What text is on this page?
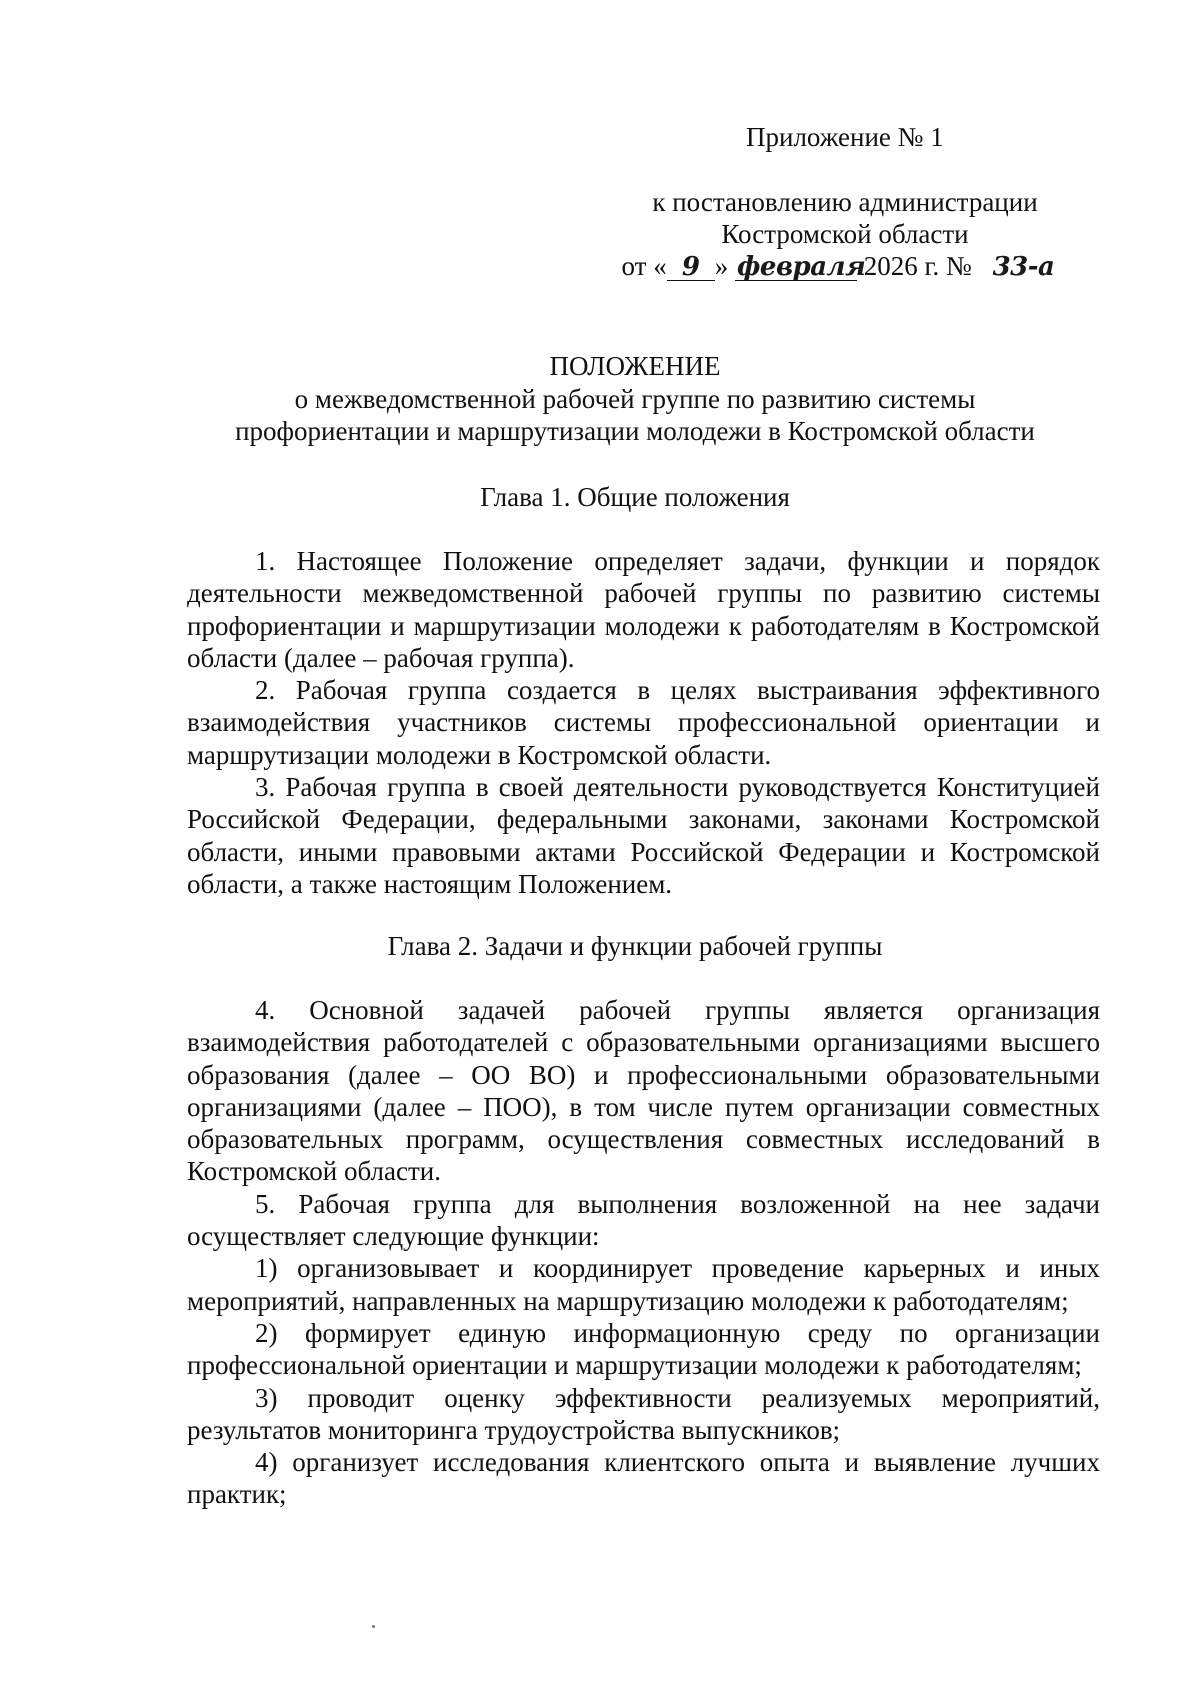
Приложение № 1
к постановлению администрации
Костромской области
от « 9 » февраля 2026 г. № 33-а
ПОЛОЖЕНИЕ
о межведомственной рабочей группе по развитию системы
профориентации и маршрутизации молодежи в Костромской области
Глава 1. Общие положения

1. Настоящее Положение определяет задачи, функции и порядок деятельности межведомственной рабочей группы по развитию системы профориентации и маршрутизации молодежи к работодателям в Костромской области (далее – рабочая группа).

2. Рабочая группа создается в целях выстраивания эффективного взаимодействия участников системы профессиональной ориентации и маршрутизации молодежи в Костромской области.

3. Рабочая группа в своей деятельности руководствуется Конституцией Российской Федерации, федеральными законами, законами Костромской области, иными правовыми актами Российской Федерации и Костромской области, а также настоящим Положением.

Глава 2. Задачи и функции рабочей группы

4. Основной задачей рабочей группы является организация взаимодействия работодателей с образовательными организациями высшего образования (далее – ОО ВО) и профессиональными образовательными организациями (далее – ПОО), в том числе путем организации совместных образовательных программ, осуществления совместных исследований в Костромской области.

5. Рабочая группа для выполнения возложенной на нее задачи осуществляет следующие функции:

1) организовывает и координирует проведение карьерных и иных мероприятий, направленных на маршрутизацию молодежи к работодателям;

2) формирует единую информационную среду по организации профессиональной ориентации и маршрутизации молодежи к работодателям;

3) проводит оценку эффективности реализуемых мероприятий, результатов мониторинга трудоустройства выпускников;

4) организует исследования клиентского опыта и выявление лучших практик;
